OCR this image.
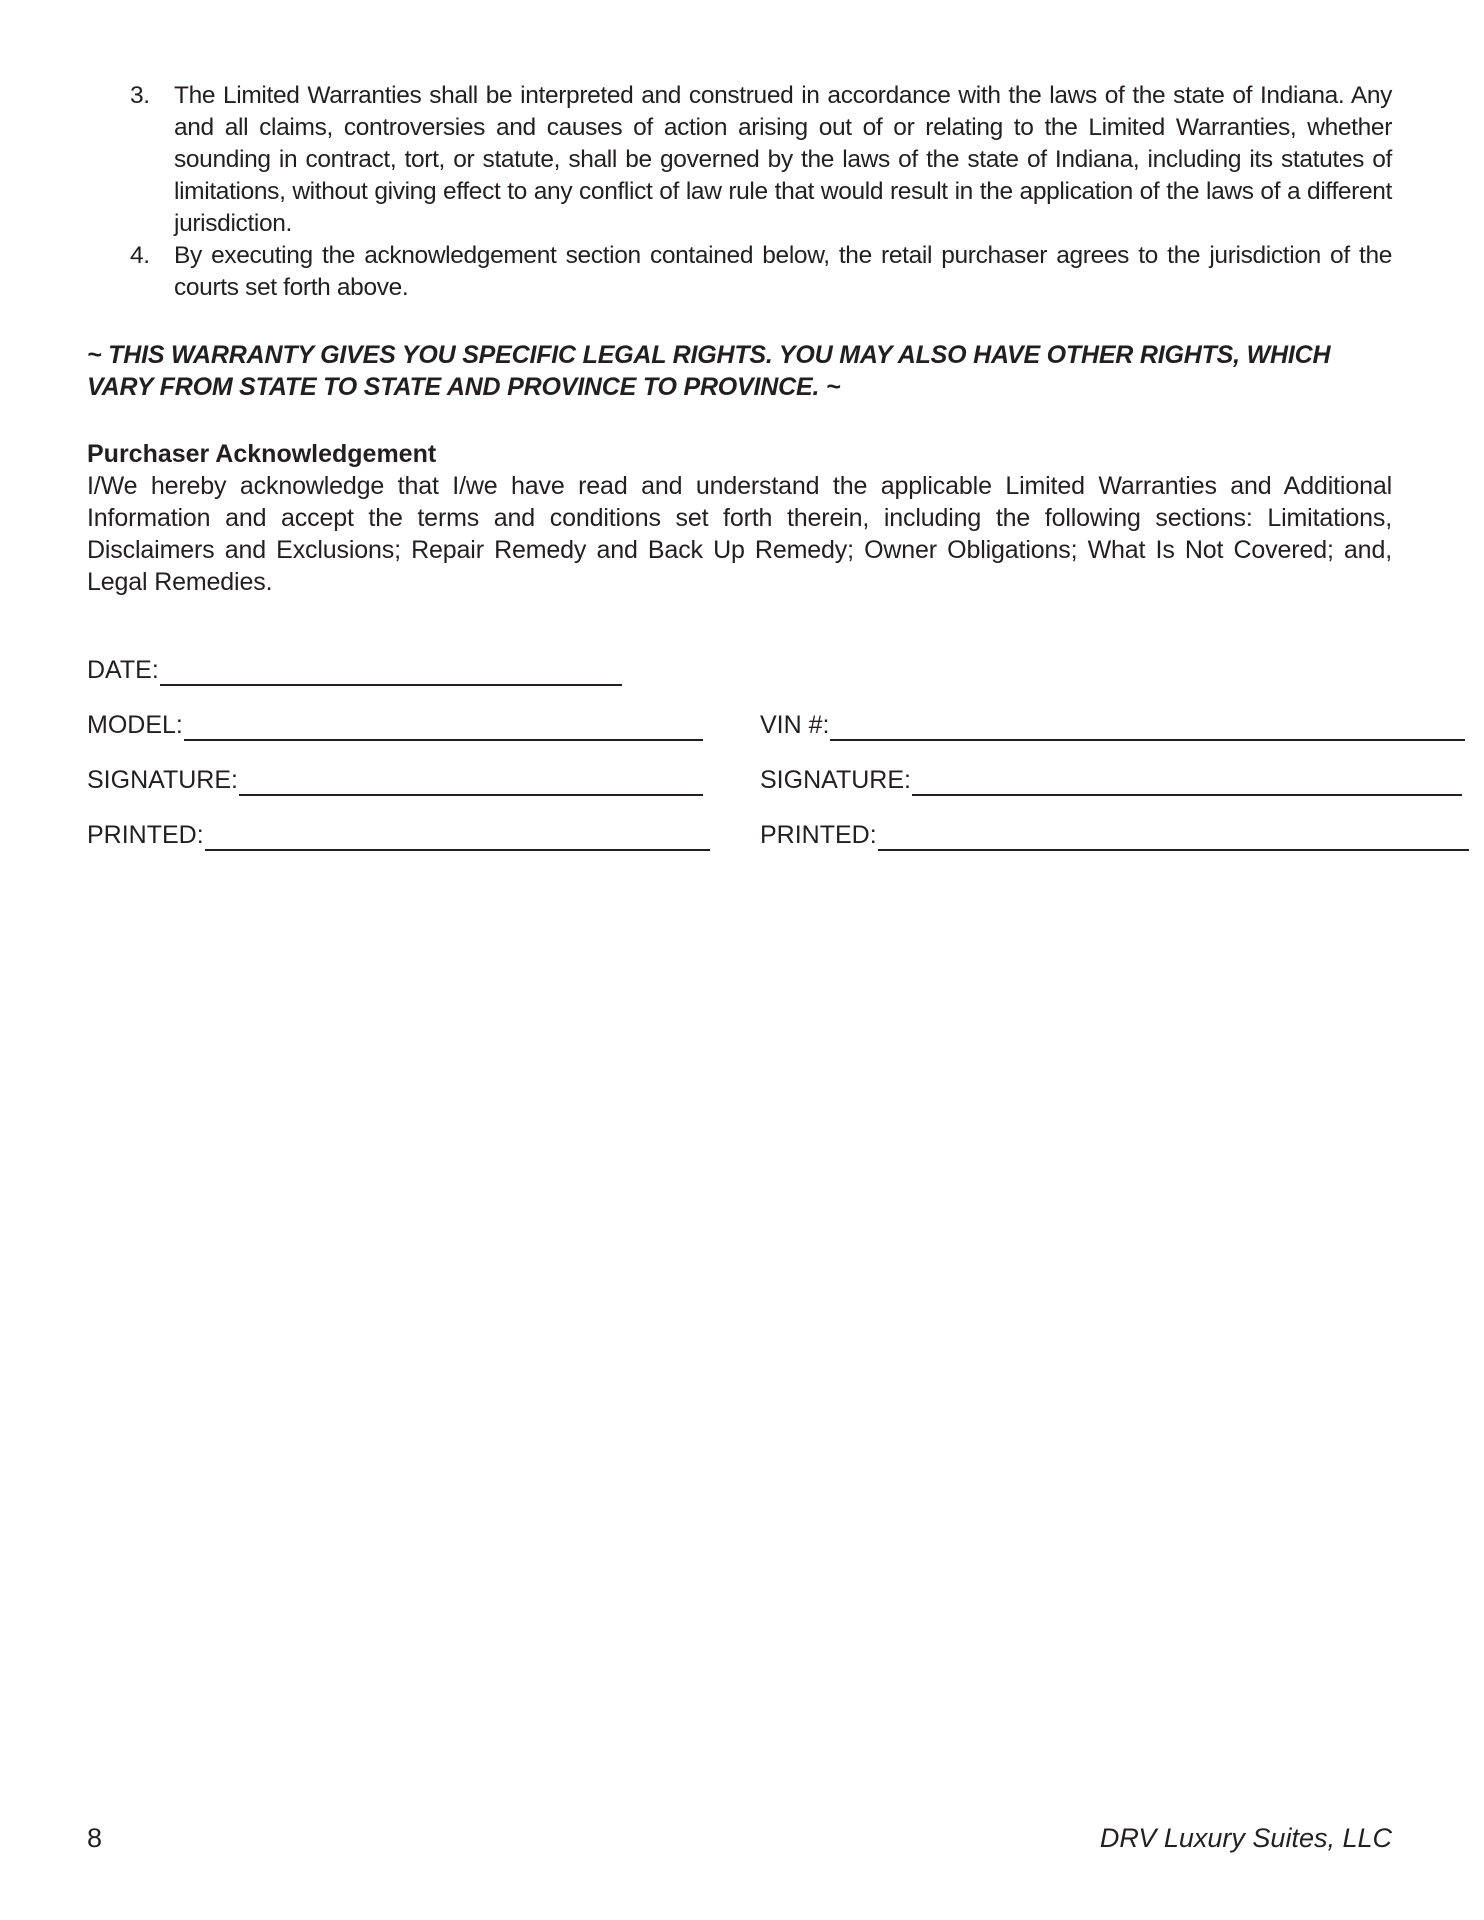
3. The Limited Warranties shall be interpreted and construed in accordance with the laws of the state of Indiana. Any and all claims, controversies and causes of action arising out of or relating to the Limited Warranties, whether sounding in contract, tort, or statute, shall be governed by the laws of the state of Indiana, including its statutes of limitations, without giving effect to any conflict of law rule that would result in the application of the laws of a different jurisdiction.
4. By executing the acknowledgement section contained below, the retail purchaser agrees to the jurisdiction of the courts set forth above.
~ THIS WARRANTY GIVES YOU SPECIFIC LEGAL RIGHTS. YOU MAY ALSO HAVE OTHER RIGHTS, WHICH VARY FROM STATE TO STATE AND PROVINCE TO PROVINCE. ~
Purchaser Acknowledgement
I/We hereby acknowledge that I/we have read and understand the applicable Limited Warranties and Additional Information and accept the terms and conditions set forth therein, including the following sections: Limitations, Disclaimers and Exclusions; Repair Remedy and Back Up Remedy; Owner Obligations; What Is Not Covered; and, Legal Remedies.
DATE:
MODEL:	VIN #:
SIGNATURE:	SIGNATURE:
PRINTED:	PRINTED:
8	DRV Luxury Suites, LLC
